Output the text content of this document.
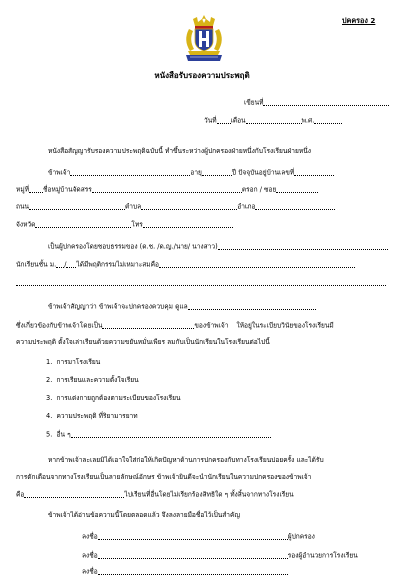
ปคครอง 2
หนังสือรับรองความประพฤติ
เขียนที่
วันที่ เดือน	พ.ศ.
หนังสือสัญญารับรองความประพฤติฉบับนี้ ทำขึ้นระหว่างผู้ปกครองฝ่ายหนึ่งกับโรงเรียนฝ่ายหนึ่ง
ข้าพเจ้า	อายุ	ปี ปัจจุบันอยู่บ้านเลขที่
หมู่ที่ ชื่อหมู่บ้านจัดสรร	ตรอก / ซอย
ถนน	ตำบล	อำเภอ
จังหวัด	โทร
เป็นผู้ปกครองโดยชอบธรรมของ (ด.ช. /ด.ญ./นาย/ นางสาว)
นักเรียนชั้น ม. / ได้มีพฤติกรรมไม่เหมาะสมคือ
ข้าพเจ้าสัญญาว่า ข้าพเจ้าจะปกครองควบคุม ดูแล
ซึ่งเกี่ยวข้องกับข้าพเจ้าโดยเป็น	ของข้าพเจ้า ให้อยู่ในระเบียบวินัยของโรงเรียนมี
ความประพฤติ ตั้งใจเล่าเรียนด้วยความขยันหมั่นเพียร ลมกับเป็นนักเรียนในโรงเรียนต่อไปนี้
1. การมาโรงเรียน
2. การเรียนและความตั้งใจเรียน
3. การแต่งกายถูกต้องตามระเบียบของโรงเรียน
4. ความประพฤติ ที่ริยามารยาท
5. อื่น ๆ
หากข้าพเจ้าละเลยมิได้เอาใจใส่ก่อให้เกิดปัญหาด้านการปกครองกับทางโรงเรียนบ่อยครั้ง และได้รับ
การตักเตือนจากทางโรงเรียนเป็นลายลักษณ์อักษร ข้าพเจ้ายินดีจะนำนักเรียนในความปกครองของข้าพเจ้า
คือ	ไปเรียนที่อื่นโดยไม่เรียกร้องสิทธิใด ๆ ทั้งสิ้นจากทางโรงเรียน
ข้าพเจ้าได้อ่านข้อความนี้โดยตลอดแล้ว จึงลงลายมือชื่อไว้เป็นสำคัญ
ลงชื่อ	ผู้ปกครอง
ลงชื่อ	รองผู้อำนวยการโรงเรียน
ลงชื่อ
